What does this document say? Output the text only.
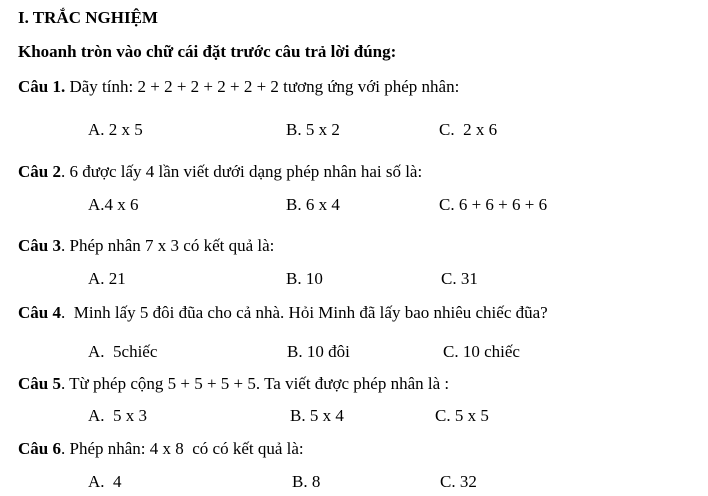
I. TRẮC NGHIỆM
Khoanh tròn vào chữ cái đặt trước câu trả lời đúng:
Câu 1. Dãy tính: 2 + 2 + 2 + 2 + 2 + 2 tương ứng với phép nhân:
A. 2 x 5	B. 5 x 2	C.  2 x 6
Câu 2. 6 được lấy 4 lần viết dưới dạng phép nhân hai số là:
A.4 x 6	B. 6 x 4	C. 6 + 6 + 6 + 6
Câu 3. Phép nhân 7 x 3 có kết quả là:
A. 21	B. 10	C. 31
Câu 4.  Minh lấy 5 đôi đũa cho cả nhà. Hỏi Minh đã lấy bao nhiêu chiếc đũa?
A.  5chiếc	B. 10 đôi	C. 10 chiếc
Câu 5. Từ phép cộng 5 + 5 + 5 + 5. Ta viết được phép nhân là :
A.  5 x 3	B. 5 x 4	C. 5 x 5
Câu 6. Phép nhân: 4 x 8  có có kết quả là:
A.  4	B. 8	C. 32
